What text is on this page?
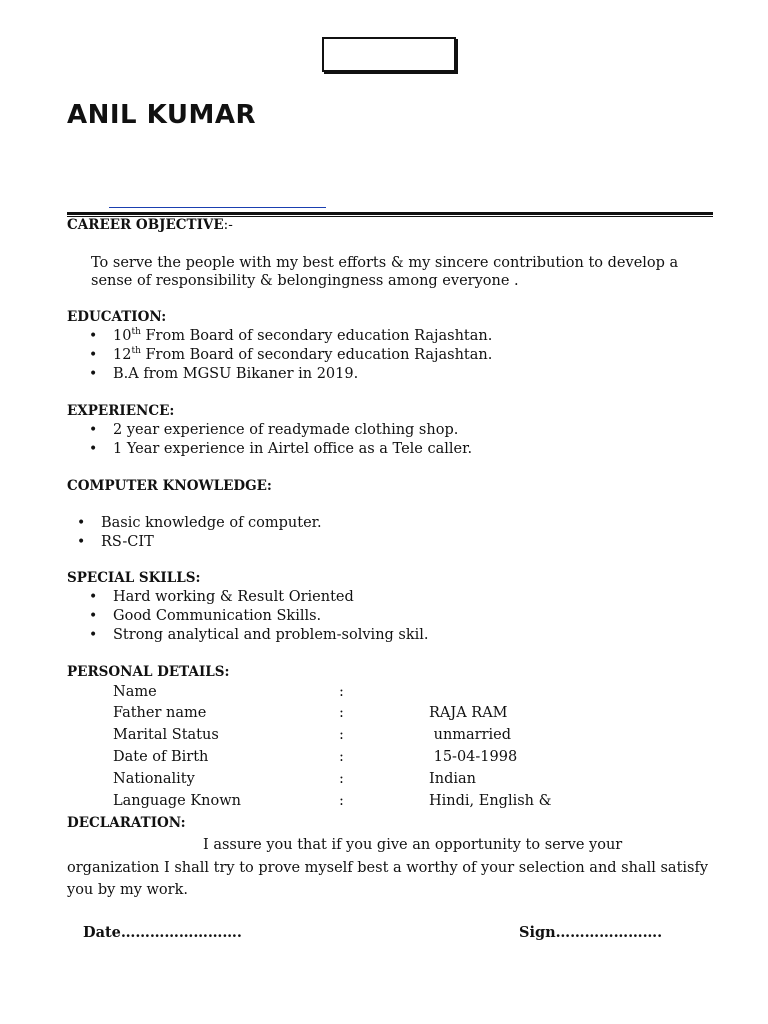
ANIL KUMAR

CAREER OBJECTIVE:-

To serve the people with my best efforts & my sincere contribution to develop a

sense of responsibility & belongingness among everyone .

EDUCATION:

• 10th From Board of secondary education Rajashtan.
• 12th From Board of secondary education Rajashtan.
• B.A from MGSU Bikaner in 2019.

EXPERIENCE:

• 2 year experience of readymade clothing shop.
• 1 Year experience in Airtel office as a Tele caller.

COMPUTER KNOWLEDGE:

• Basic knowledge of computer.
• RS-CIT

SPECIAL SKILLS:

• Hard working & Result Oriented
• Good Communication Skills.
• Strong analytical and problem-solving skil.

PERSONAL DETAILS:

Name	:
Father name	:	RAJA RAM
Marital Status	:	unmarried
Date of Birth	:	15-04-1998
Nationality	:	Indian
Language Known	:	Hindi, English &

DECLARATION:

I assure you that if you give an opportunity to serve your
organization I shall try to prove myself best a worthy of your selection and shall satisfy
you by my work.

Date…………………….	Sign………………….
